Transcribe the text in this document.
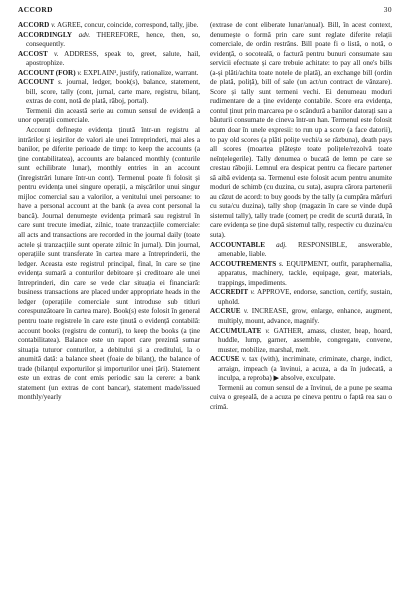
ACCORD	30

ACCORD v. AGREE, concur, coincide, correspond, tally, jibe.

ACCORDINGLY adv. THEREFORE, hence, then, so, consequently.

ACCOST v. ADDRESS, speak to, greet, salute, hail, apostrophize.

ACCOUNT (FOR) v. EXPLAIN¹, justify, rationalize, warrant.

ACCOUNT s. journal, ledger, book(s), balance, statement, bill, score, tally (cont, jurnal, carte mare, registru, bilanț, extras de cont, notă de plată, răboj, portal).

Termenii din această serie au comun sensul de evidență a unor operații comerciale.

Account definește evidența ținută într-un registru al intrărilor și ieșirilor de valori ale unei întreprinderi, mai ales a banilor, pe diferite perioade de timp: to keep the accounts (a ține contabilitatea), accounts are balanced monthly (conturile sunt echilibrate lunar), monthly entries in an account (înregistrări lunare într-un cont). Termenul poate fi folosit și pentru evidența unei singure operații, a mișcărilor unui singur mijloc comercial sau a valorilor, a venitului unei persoane: to have a personal account at the bank (a avea cont personal la bancă). Journal denumește evidența primară sau registrul în care sunt trecute imediat, zilnic, toate tranzacțiile comerciale: all acts and transactions are recorded in the journal daily (toate actele și tranzacțiile sunt operate zilnic în jurnal). Din journal, operațiile sunt transferate în cartea mare a întreprinderii, the ledger. Aceasta este registrul principal, final, în care se ține evidența sumară a conturilor debitoare și creditoare ale unei întreprinderi, din care se vede clar situația ei financiară: business transactions are placed under appropriate heads in the ledger (operațiile comerciale sunt introduse sub titluri corespunzătoare în cartea mare). Book(s) este folosit în general pentru toate registrele în care este ținută o evidență contabilă: account books (registru de conturi), to keep the books (a ține contabilitatea). Balance este un raport care prezintă sumar situația tuturor conturilor, a debitului și a creditului, la o anumită dată: a balance sheet (foaie de bilanț), the balance of trade (bilanțul exporturilor și importurilor unei țări). Statement este un extras de cont emis periodic sau la cerere: a bank statement (un extras de cont bancar), statement made/issued monthly/yearly

(extrase de cont eliberate lunar/anual). Bill, în acest context, denumește o formă prin care sunt reglate diferite relații comerciale, de ordin restrâns. Bill poate fi o listă, o notă, o evidență, o socoteală, o factură pentru bunuri consumate sau servicii efectuate și care trebuie achitate: to pay all one's bills (a-și plăti/achita toate notele de plată), an exchange bill (ordin de plată, poliță), bill of sale (un act/un contract de vânzare). Score și tally sunt termeni vechi. Ei denumeau moduri rudimentare de a ține evidențe contabile. Score era evidența, contul ținut prin marcarea pe o scândură a banilor datorați sau a băuturii consumate de cineva într-un han. Termenul este folosit acum doar în unele expresii: to run up a score (a face datorii), to pay old scores (a plăti polițe vechi/a se răzbuna), death pays all scores (moartea plătește toate polițele/rezolvă toate neînțelegerile). Tally denumea o bucată de lemn pe care se crestau răbojii. Lemnul era despicat pentru ca fiecare partener să aibă evidența sa. Termenul este folosit acum pentru anumite moduri de schimb (cu duzina, cu suta), asupra cărora partenerii au căzut de acord: to buy goods by the tally (a cumpăra mărfuri cu suta/cu duzina), tally shop (magazin în care se vinde după sistemul tally), tally trade (comerț pe credit de scurtă durată, în care evidența se ține după sistemul tally, respectiv cu duzina/cu suta).

ACCOUNTABLE adj. RESPONSIBLE, answerable, amenable, liable.

ACCOUTREMENTS s. EQUIPMENT, outfit, paraphernalia, apparatus, machinery, tackle, equipage, gear, materials, trappings, impediments.

ACCREDIT v. APPROVE, endorse, sanction, certify, sustain, uphold.

ACCRUE v. INCREASE, grow, enlarge, enhance, augment, multiply, mount, advance, magnify.

ACCUMULATE v. GATHER, amass, cluster, heap, hoard, huddle, lump, garner, assemble, congregate, convene, muster, mobilize, marshal, melt.

ACCUSE v. tax (with), incriminate, criminate, charge, indict, arraign, impeach (a învinui, a acuza, a da în judecată, a inculpa, a reproba) ▶ absolve, exculpate.

Termenii au comun sensul de a învinui, de a pune pe seama cuiva o greșeală, de a acuza pe cineva pentru o faptă rea sau o crimă.
